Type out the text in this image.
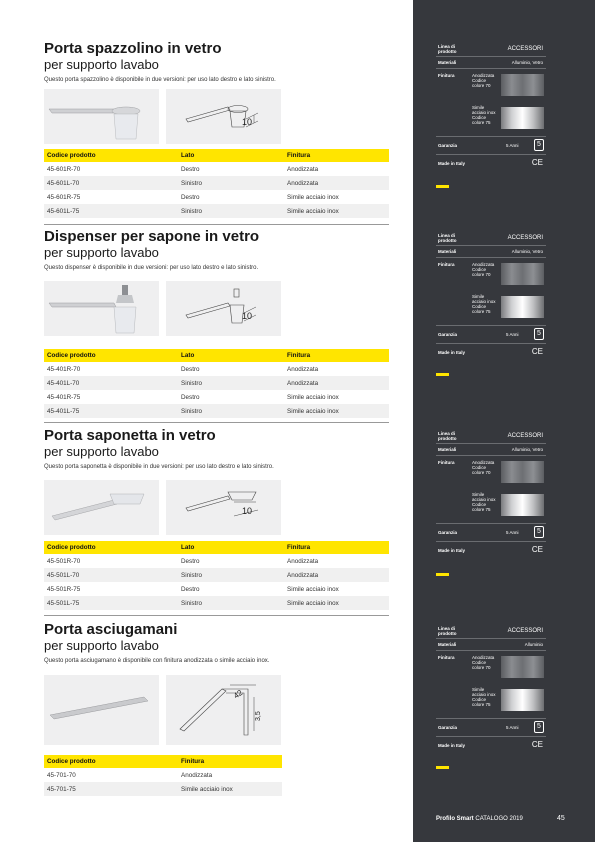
Porta spazzolino in vetro
per supporto lavabo
Questo porta spazzolino è disponibile in due versioni: per uso lato destro e lato sinistro.
10
Codice prodotto	Lato	Finitura
45-601R-70	Destro	Anodizzata
45-601L-70	Sinistro	Anodizzata
45-601R-75	Destro	Simile acciaio inox
45-601L-75	Sinistro	Simile acciaio inox
Dispenser per sapone in vetro
per supporto lavabo
Questo dispenser è disponibile in due versioni: per uso lato destro e lato sinistro.
10
Codice prodotto	Lato	Finitura
45-401R-70	Destro	Anodizzata
45-401L-70	Sinistro	Anodizzata
45-401R-75	Destro	Simile acciaio inox
45-401L-75	Sinistro	Simile acciaio inox
Porta saponetta in vetro
per supporto lavabo
Questo porta saponetta è disponibile in due versioni: per uso lato destro e lato sinistro.
10
Codice prodotto	Lato	Finitura
45-501R-70	Destro	Anodizzata
45-501L-70	Sinistro	Anodizzata
45-501R-75	Destro	Simile acciaio inox
45-501L-75	Sinistro	Simile acciaio inox
Porta asciugamani
per supporto lavabo
Questo porta asciugamano è disponibile con finitura anodizzata o simile acciaio inox.
42
3,5
Codice prodotto	Finitura
45-701-70	Anodizzata
45-701-75	Simile acciaio inox
Linea di prodotto	ACCESSORI
Materiali	Alluminio, Vetro
Finitura	Anodizzata Codice colore 70
Simile acciaio inox Codice colore 75
Garanzia	5 Anni	5
Made in Italy	CE
Linea di prodotto	ACCESSORI
Materiali	Alluminio, Vetro
Finitura	Anodizzata Codice colore 70
Simile acciaio inox Codice colore 75
Garanzia	5 Anni	5
Made in Italy	CE
Linea di prodotto	ACCESSORI
Materiali	Alluminio, Vetro
Finitura	Anodizzata Codice colore 70
Simile acciaio inox Codice colore 75
Garanzia	5 Anni	5
Made in Italy	CE
Linea di prodotto	ACCESSORI
Materiali	Alluminio
Finitura	Anodizzata Codice colore 70
Simile acciaio inox Codice colore 75
Garanzia	5 Anni	5
Made in Italy	CE
Profilo Smart CATALOGO 2019	45
